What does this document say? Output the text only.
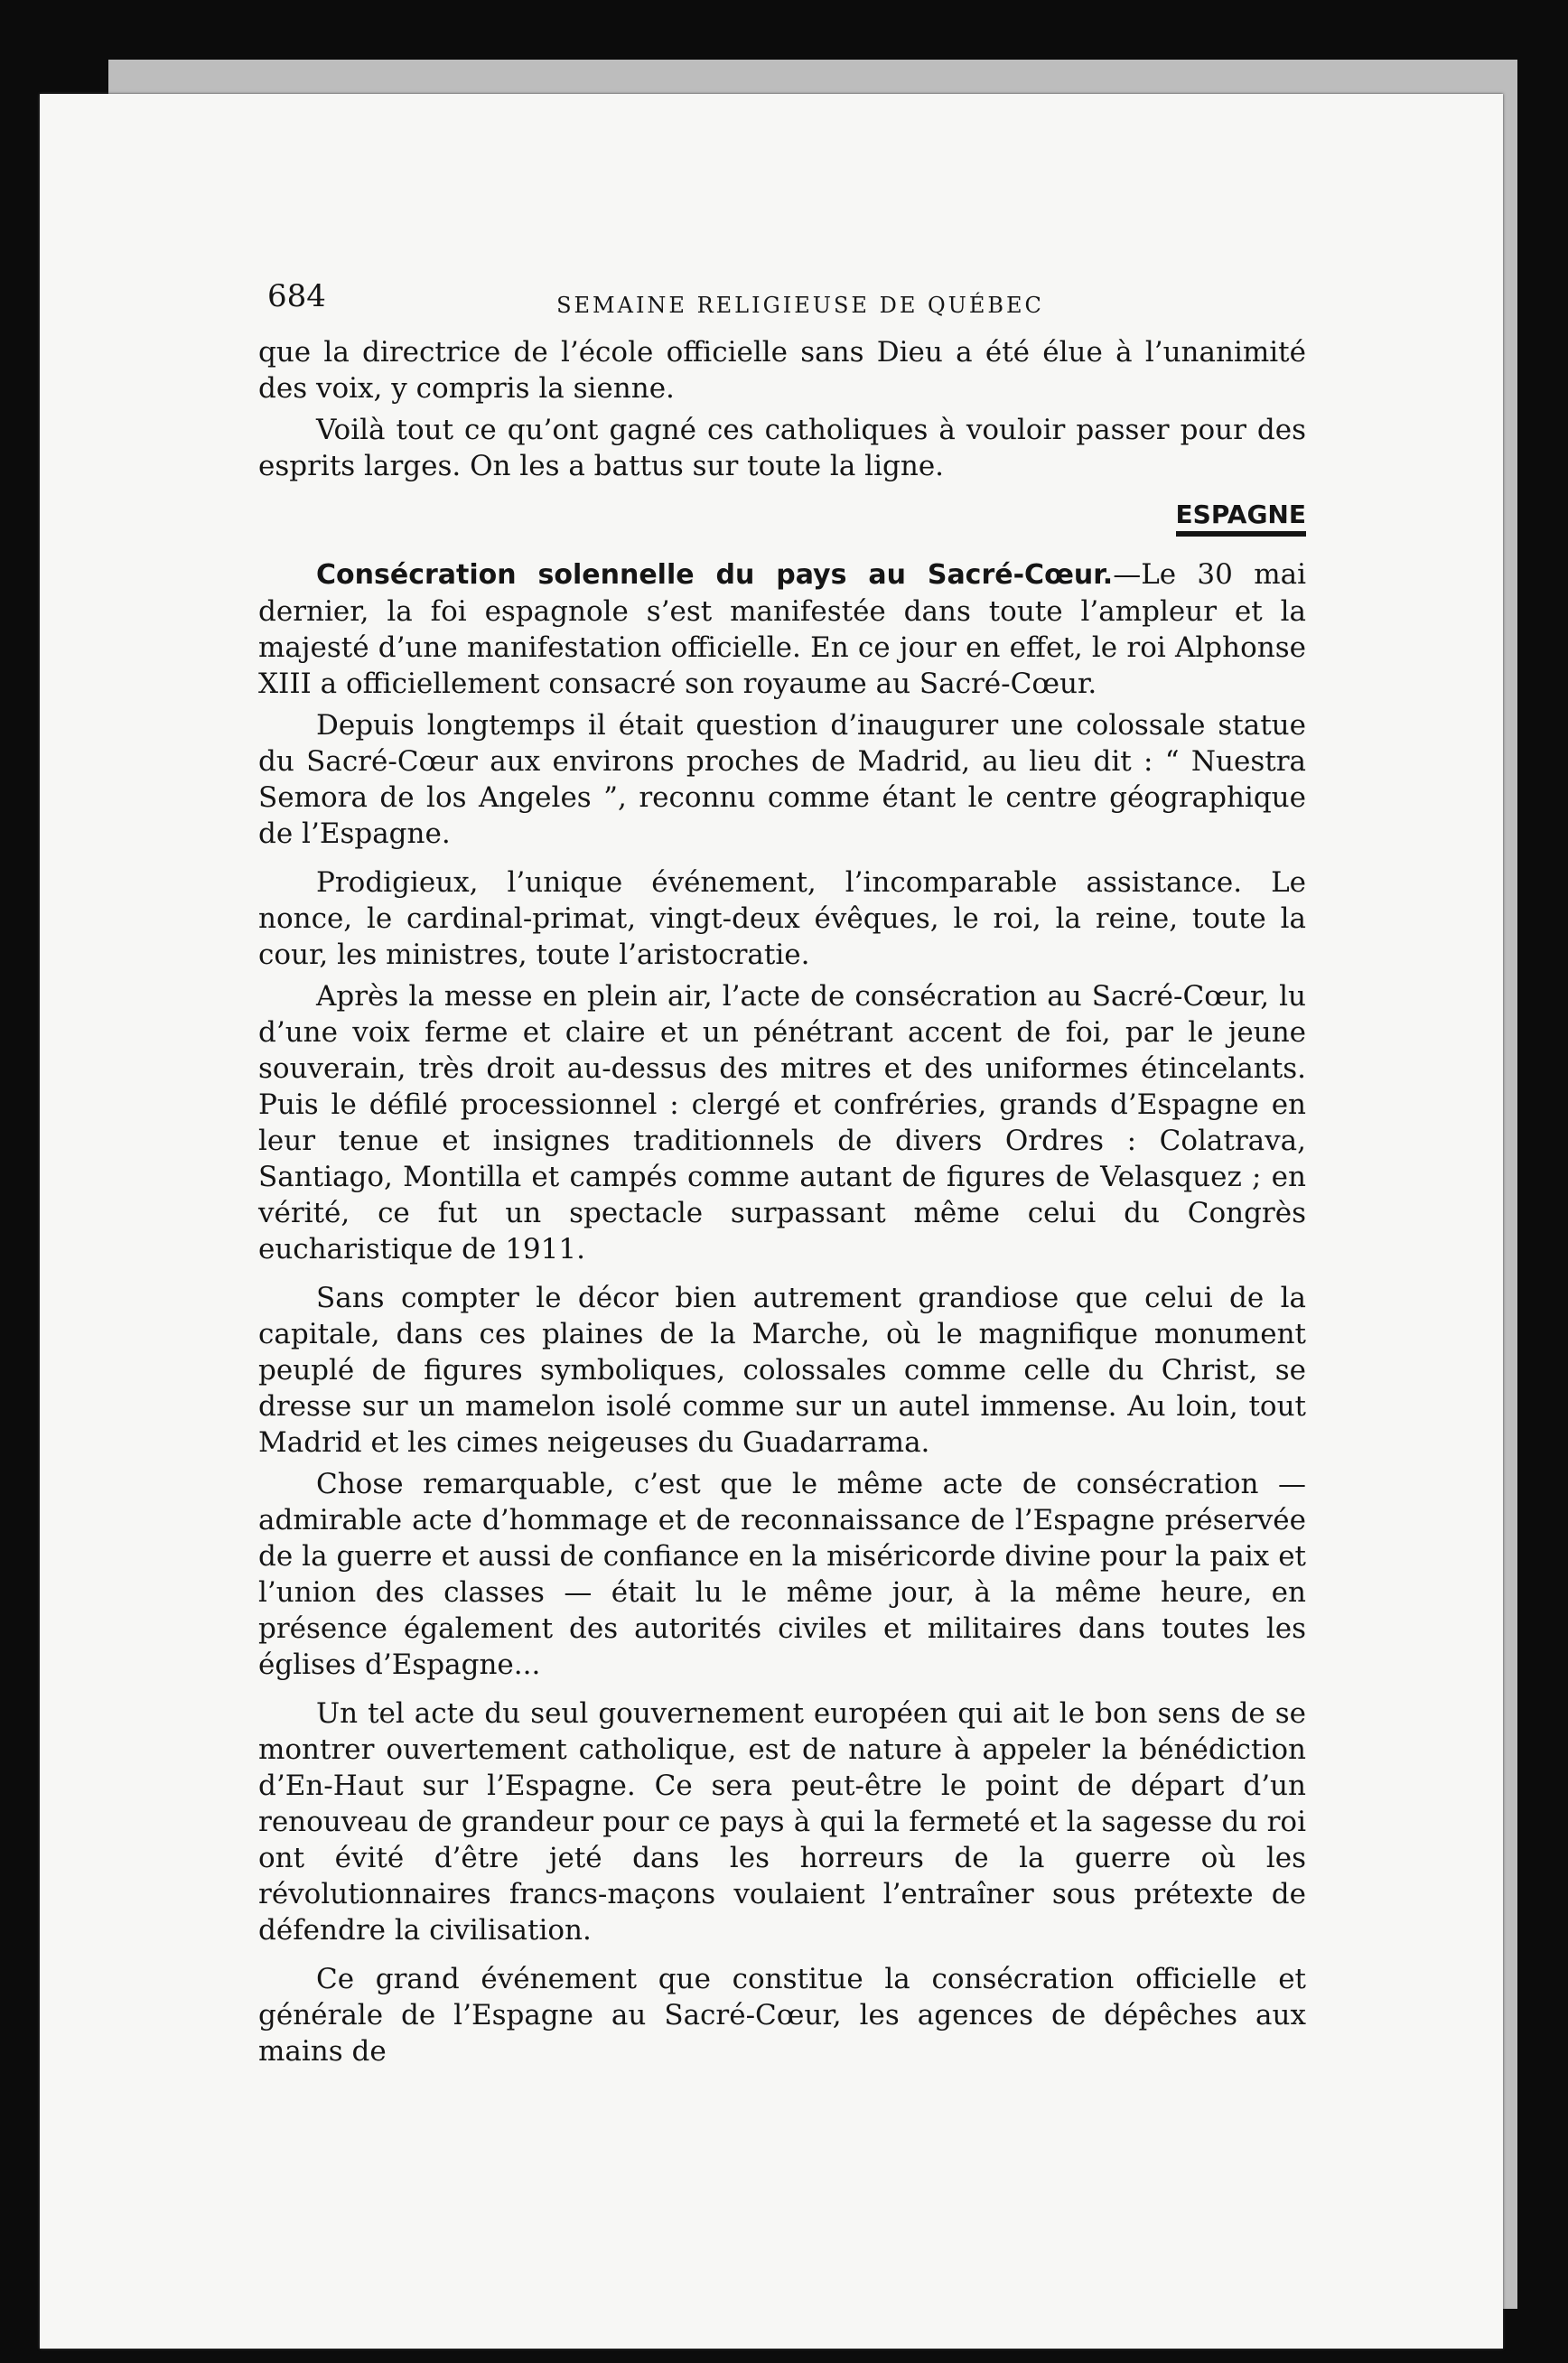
684	SEMAINE RELIGIEUSE DE QUÉBEC

que la directrice de l’école officielle sans Dieu a été élue à l’unanimité des voix, y compris la sienne.

Voilà tout ce qu’ont gagné ces catholiques à vouloir passer pour des esprits larges. On les a battus sur toute la ligne.

ESPAGNE

Consécration solennelle du pays au Sacré-Cœur.—Le 30 mai dernier, la foi espagnole s’est manifestée dans toute l’ampleur et la majesté d’une manifestation officielle. En ce jour en effet, le roi Alphonse XIII a officiellement consacré son royaume au Sacré-Cœur.

Depuis longtemps il était question d’inaugurer une colossale statue du Sacré-Cœur aux environs proches de Madrid, au lieu dit : “ Nuestra Semora de los Angeles ”, reconnu comme étant le centre géographique de l’Espagne.

Prodigieux, l’unique événement, l’incomparable assistance. Le nonce, le cardinal-primat, vingt-deux évêques, le roi, la reine, toute la cour, les ministres, toute l’aristocratie.

Après la messe en plein air, l’acte de consécration au Sacré-Cœur, lu d’une voix ferme et claire et un pénétrant accent de foi, par le jeune souverain, très droit au-dessus des mitres et des uniformes étincelants. Puis le défilé processionnel : clergé et confréries, grands d’Espagne en leur tenue et insignes traditionnels de divers Ordres : Colatrava, Santiago, Montilla et campés comme autant de figures de Velasquez ; en vérité, ce fut un spectacle surpassant même celui du Congrès eucharistique de 1911.

Sans compter le décor bien autrement grandiose que celui de la capitale, dans ces plaines de la Marche, où le magnifique monument peuplé de figures symboliques, colossales comme celle du Christ, se dresse sur un mamelon isolé comme sur un autel immense. Au loin, tout Madrid et les cimes neigeuses du Guadarrama.

Chose remarquable, c’est que le même acte de consécration — admirable acte d’hommage et de reconnaissance de l’Espagne préservée de la guerre et aussi de confiance en la miséricorde divine pour la paix et l’union des classes — était lu le même jour, à la même heure, en présence également des autorités civiles et militaires dans toutes les églises d’Espagne...

Un tel acte du seul gouvernement européen qui ait le bon sens de se montrer ouvertement catholique, est de nature à appeler la bénédiction d’En-Haut sur l’Espagne. Ce sera peut-être le point de départ d’un renouveau de grandeur pour ce pays à qui la fermeté et la sagesse du roi ont évité d’être jeté dans les horreurs de la guerre où les révolutionnaires francs-maçons voulaient l’entraîner sous prétexte de défendre la civilisation.

Ce grand événement que constitue la consécration officielle et générale de l’Espagne au Sacré-Cœur, les agences de dépêches aux mains de
